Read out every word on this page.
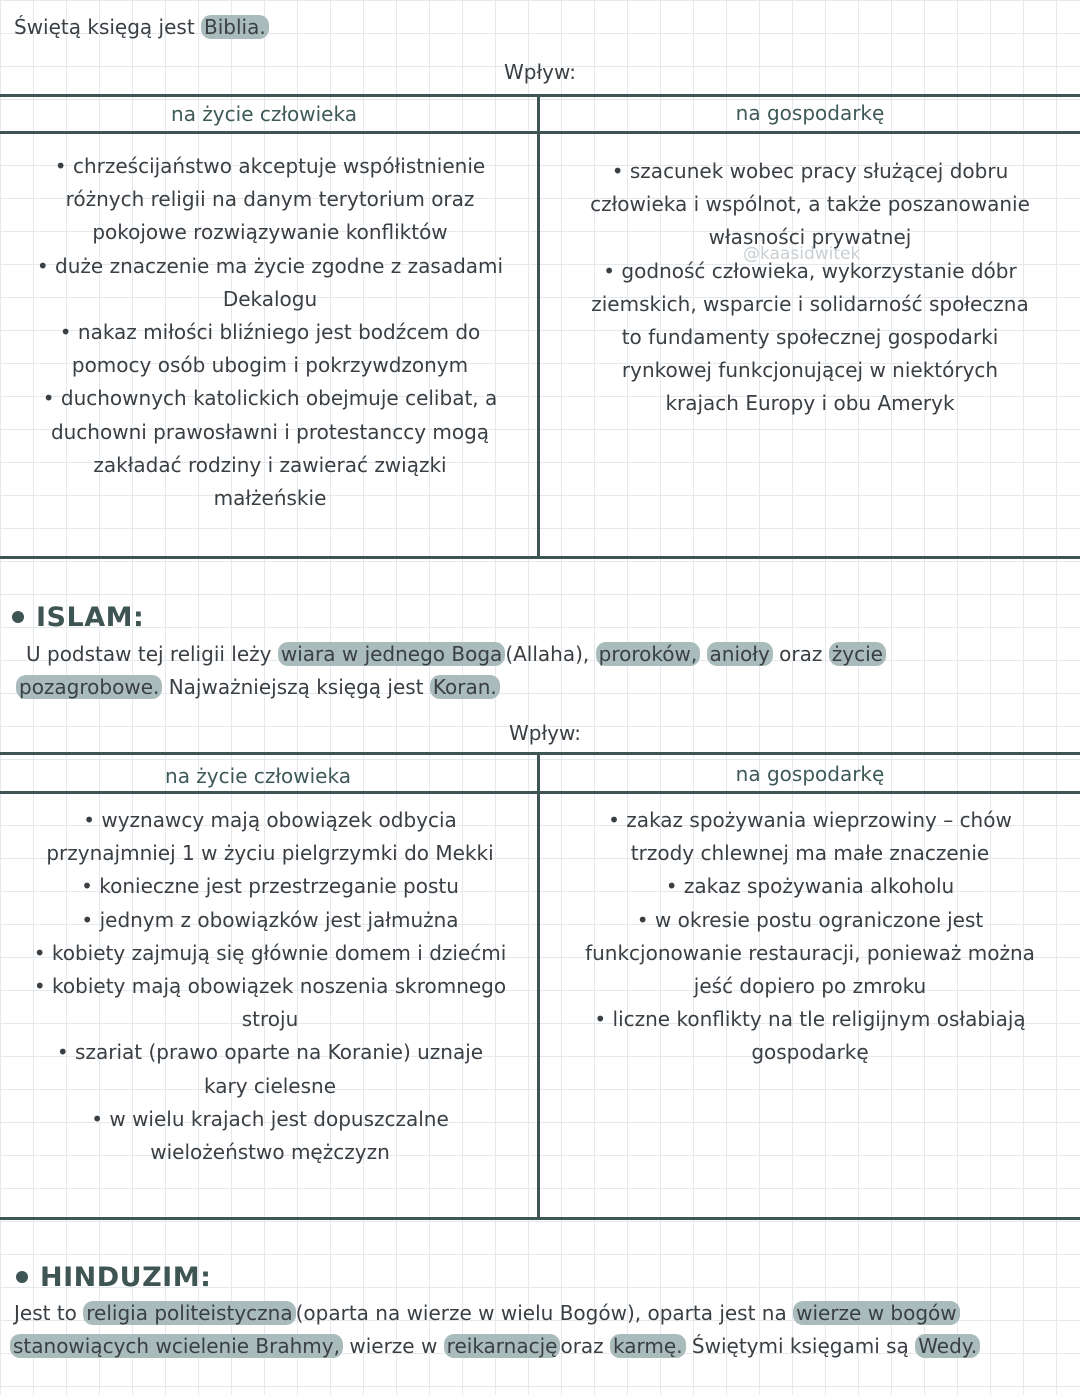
Świętą księgą jest Biblia.
Wpływ:
na życie człowieka	na gospodarkę
• chrześcijaństwo akceptuje współistnienie
różnych religii na danym terytorium oraz
pokojowe rozwiązywanie konfliktów
• duże znaczenie ma życie zgodne z zasadami
Dekalogu
• nakaz miłości bliźniego jest bodźcem do
pomocy osób ubogim i pokrzywdzonym
• duchownych katolickich obejmuje celibat, a
duchowni prawosławni i protestanccy mogą
zakładać rodziny i zawierać związki
małżeńskie
@kaasidwitek
• szacunek wobec pracy służącej dobru
człowieka i wspólnot, a także poszanowanie
własności prywatnej
• godność człowieka, wykorzystanie dóbr
ziemskich, wsparcie i solidarność społeczna
to fundamenty społecznej gospodarki
rynkowej funkcjonującej w niektórych
krajach Europy i obu Ameryk
ISLAM:
U podstaw tej religii leży wiara w jednego Boga (Allaha), proroków, anioły oraz życie
pozagrobowe. Najważniejszą księgą jest Koran.
Wpływ:
na życie człowieka	na gospodarkę
• wyznawcy mają obowiązek odbycia
przynajmniej 1 w życiu pielgrzymki do Mekki
• konieczne jest przestrzeganie postu
• jednym z obowiązków jest jałmużna
• kobiety zajmują się głównie domem i dziećmi
• kobiety mają obowiązek noszenia skromnego
stroju
• szariat (prawo oparte na Koranie) uznaje
kary cielesne
• w wielu krajach jest dopuszczalne
wielożeństwo mężczyzn
• zakaz spożywania wieprzowiny – chów
trzody chlewnej ma małe znaczenie
• zakaz spożywania alkoholu
• w okresie postu ograniczone jest
funkcjonowanie restauracji, ponieważ można
jeść dopiero po zmroku
• liczne konflikty na tle religijnym osłabiają
gospodarkę
HINDUZIM:
Jest to religia politeistyczna (oparta na wierze w wielu Bogów), oparta jest na wierze w bogów
stanowiących wcielenie Brahmy, wierze w reikarnację oraz karmę. Świętymi księgami są Wedy.
